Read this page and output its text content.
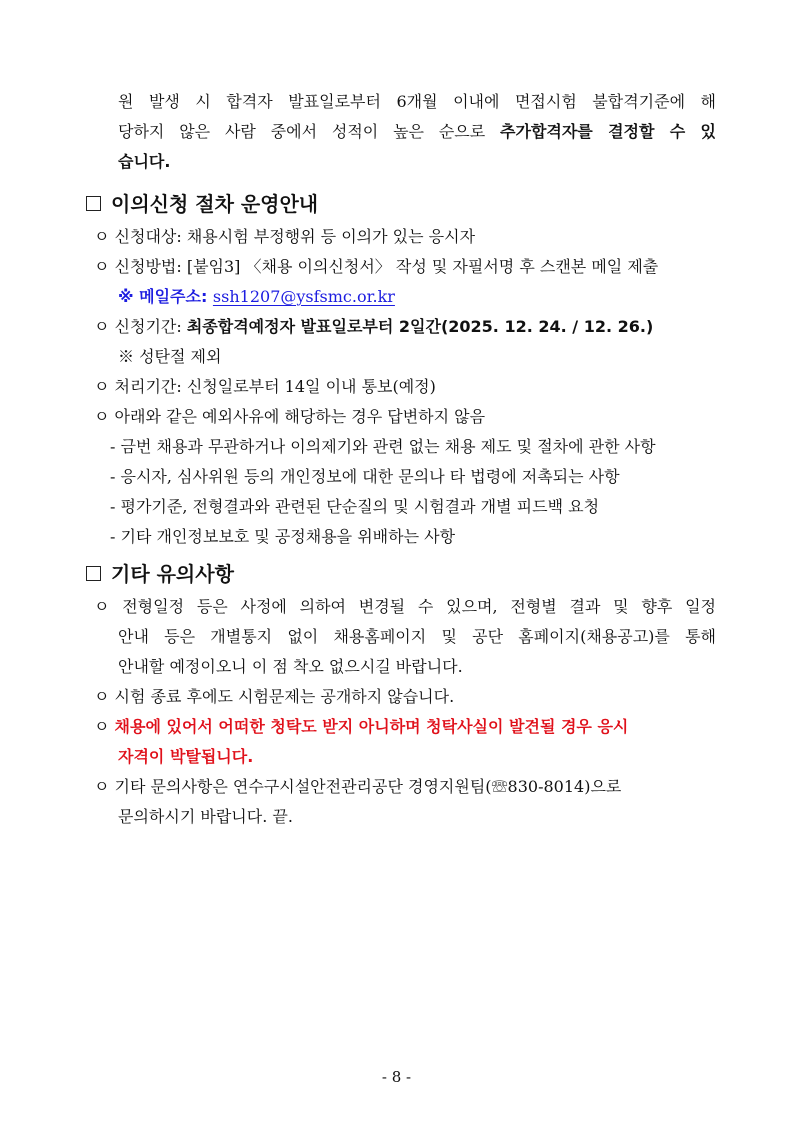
원 발생 시 합격자 발표일로부터 6개월 이내에 면접시험 불합격기준에 해
당하지 않은 사람 중에서 성적이 높은 순으로 추가합격자를 결정할 수 있
습니다.
이의신청 절차 운영안내
ㅇ 신청대상: 채용시험 부정행위 등 이의가 있는 응시자
ㅇ 신청방법: [붙임3] 〈채용 이의신청서〉 작성 및 자필서명 후 스캔본 메일 제출
※ 메일주소: ssh1207@ysfsmc.or.kr
ㅇ 신청기간: 최종합격예정자 발표일로부터 2일간(2025. 12. 24. / 12. 26.)
※ 성탄절 제외
ㅇ 처리기간: 신청일로부터 14일 이내 통보(예정)
ㅇ 아래와 같은 예외사유에 해당하는 경우 답변하지 않음
- 금번 채용과 무관하거나 이의제기와 관련 없는 채용 제도 및 절차에 관한 사항
- 응시자, 심사위원 등의 개인정보에 대한 문의나 타 법령에 저촉되는 사항
- 평가기준, 전형결과와 관련된 단순질의 및 시험결과 개별 피드백 요청
- 기타 개인정보보호 및 공정채용을 위배하는 사항
기타 유의사항
ㅇ 전형일정 등은 사정에 의하여 변경될 수 있으며, 전형별 결과 및 향후 일정
안내 등은 개별통지 없이 채용홈페이지 및 공단 홈페이지(채용공고)를 통해
안내할 예정이오니 이 점 착오 없으시길 바랍니다.
ㅇ 시험 종료 후에도 시험문제는 공개하지 않습니다.
ㅇ 채용에 있어서 어떠한 청탁도 받지 아니하며 청탁사실이 발견될 경우 응시
자격이 박탈됩니다.
ㅇ 기타 문의사항은 연수구시설안전관리공단 경영지원팀(☏830-8014)으로
문의하시기 바랍니다. 끝.
- 8 -
